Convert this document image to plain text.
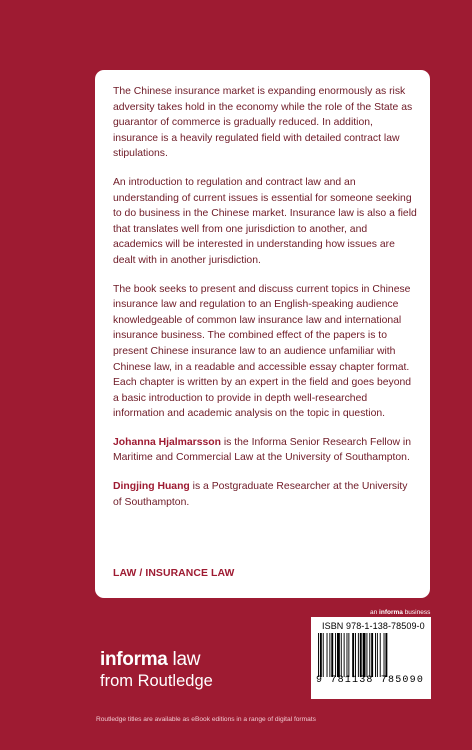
The Chinese insurance market is expanding enormously as risk adversity takes hold in the economy while the role of the State as guarantor of commerce is gradually reduced. In addition, insurance is a heavily regulated field with detailed contract law stipulations.

An introduction to regulation and contract law and an understanding of current issues is essential for someone seeking to do business in the Chinese market. Insurance law is also a field that translates well from one jurisdiction to another, and academics will be interested in understanding how issues are dealt with in another jurisdiction.

The book seeks to present and discuss current topics in Chinese insurance law and regulation to an English-speaking audience knowledgeable of common law insurance law and international insurance business. The combined effect of the papers is to present Chinese insurance law to an audience unfamiliar with Chinese law, in a readable and accessible essay chapter format. Each chapter is written by an expert in the field and goes beyond a basic introduction to provide in depth well-researched information and academic analysis on the topic in question.

Johanna Hjalmarsson is the Informa Senior Research Fellow in Maritime and Commercial Law at the University of Southampton.

Dingjing Huang is a Postgraduate Researcher at the University of Southampton.

LAW / INSURANCE LAW
an informa business
ISBN 978-1-138-78509-0
9 781138 785090
informa law
from Routledge
Routledge titles are available as eBook editions in a range of digital formats
